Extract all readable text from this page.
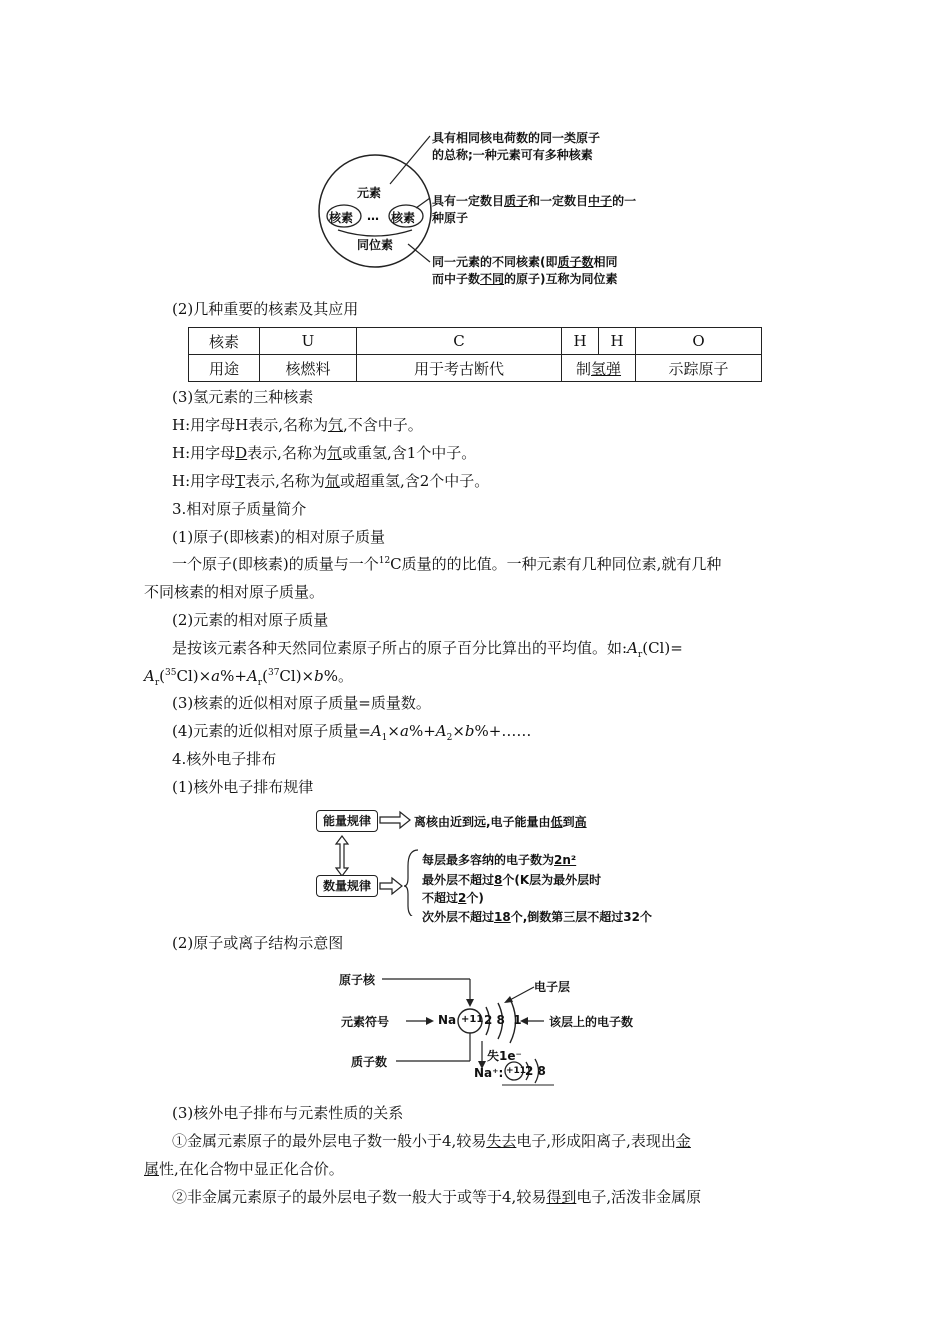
元素
核素 … 核素
同位素
具有相同核电荷数的同一类原子
的总称;一种元素可有多种核素
具有一定数目质子和一定数目中子的一
种原子
同一元素的不同核素(即质子数相同
而中子数不同的原子)互称为同位素
(2)几种重要的核素及其应用
核素	U	C	H	H	O
用途	核燃料	用于考古断代	制氢弹		示踪原子
(3)氢元素的三种核素
H:用字母H表示,名称为氕,不含中子。
H:用字母D表示,名称为氘或重氢,含1个中子。
H:用字母T表示,名称为氚或超重氢,含2个中子。
3.相对原子质量简介
(1)原子(即核素)的相对原子质量
一个原子(即核素)的质量与一个$^{12}$C质量的的比值。一种元素有几种同位素,就有几种
不同核素的相对原子质量。
(2)元素的相对原子质量
是按该元素各种天然同位素原子所占的原子百分比算出的平均值。如$:A_r(Cl)=$
$A_r(^{35}Cl)\times a\%+A_r(^{37}Cl)\times b\%$。
(3)核素的近似相对原子质量=质量数。
(4)元素的近似相对原子质量$=A_1\times a\%+A_2\times b\%+\dots\dots$
4.核外电子排布
(1)核外电子排布规律
能量规律
数量规律
离核由近到远,电子能量由低到高
每层最多容纳的电子数为2n²
最外层不超过8个(K层为最外层时
不超过2个)
次外层不超过18个,倒数第三层不超过32个
(2)原子或离子结构示意图
原子核	电子层
元素符号	Na +11 2 8  1 该层上的电子数
质子数	失1e⁻
Na⁺: +11
2 8
(3)核外电子排布与元素性质的关系
①金属元素原子的最外层电子数一般小于4,较易失去电子,形成阳离子,表现出金
属性,在化合物中显正化合价。
②非金属元素原子的最外层电子数一般大于或等于4,较易得到电子,活泼非金属原
